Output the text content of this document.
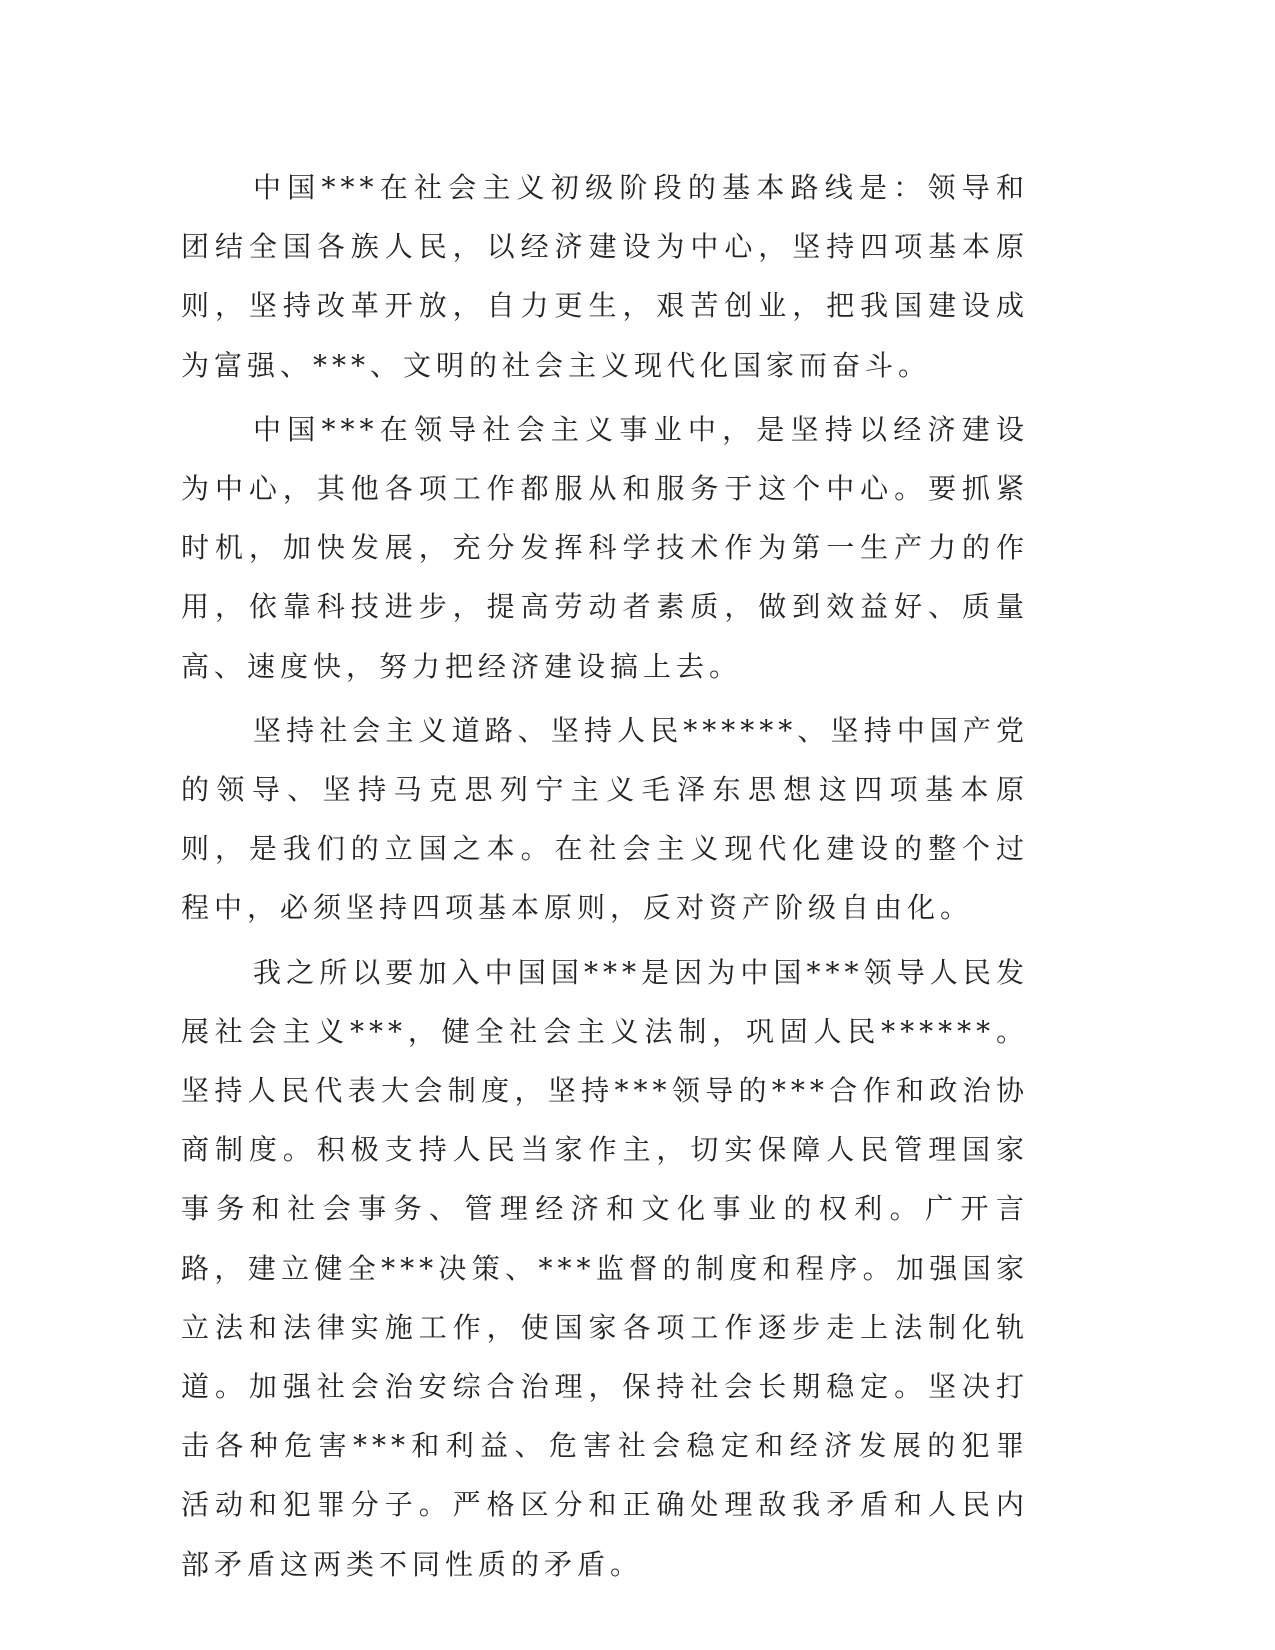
中国***在社会主义初级阶段的基本路线是：领导和团结全国各族人民，以经济建设为中心，坚持四项基本原则，坚持改革开放，自力更生，艰苦创业，把我国建设成为富强、***、文明的社会主义现代化国家而奋斗。

中国***在领导社会主义事业中，是坚持以经济建设为中心，其他各项工作都服从和服务于这个中心。要抓紧时机，加快发展，充分发挥科学技术作为第一生产力的作用，依靠科技进步，提高劳动者素质，做到效益好、质量高、速度快，努力把经济建设搞上去。

坚持社会主义道路、坚持人民******、坚持中国产党的领导、坚持马克思列宁主义毛泽东思想这四项基本原则，是我们的立国之本。在社会主义现代化建设的整个过程中，必须坚持四项基本原则，反对资产阶级自由化。

我之所以要加入中国国***是因为中国***领导人民发展社会主义***，健全社会主义法制，巩固人民******。坚持人民代表大会制度，坚持***领导的***合作和政治协商制度。积极支持人民当家作主，切实保障人民管理国家事务和社会事务、管理经济和文化事业的权利。广开言路，建立健全***决策、***监督的制度和程序。加强国家立法和法律实施工作，使国家各项工作逐步走上法制化轨道。加强社会治安综合治理，保持社会长期稳定。坚决打击各种危害***和利益、危害社会稳定和经济发展的犯罪活动和犯罪分子。严格区分和正确处理敌我矛盾和人民内部矛盾这两类不同性质的矛盾。
